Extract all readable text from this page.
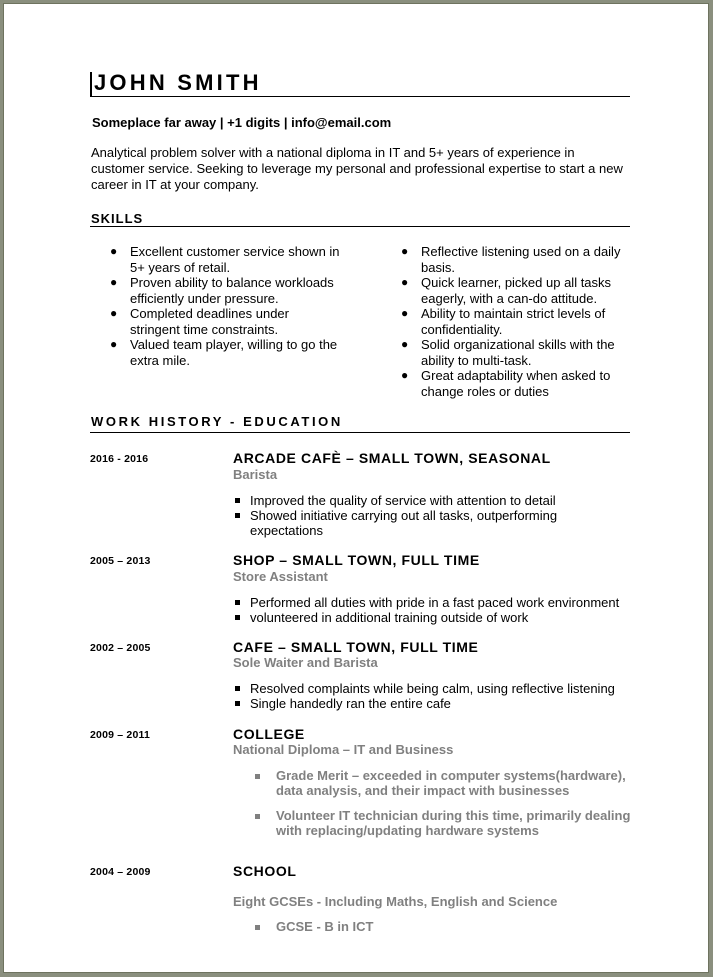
JOHN SMITH
Someplace far away | +1 digits | info@email.com
Analytical problem solver with a national diploma in IT and 5+ years of experience in customer service. Seeking to leverage my personal and professional expertise to start a new career in IT at your company.
SKILLS
● Excellent customer service shown in 5+ years of retail.
● Proven ability to balance workloads efficiently under pressure.
● Completed deadlines under stringent time constraints.
● Valued team player, willing to go the extra mile.
● Reflective listening used on a daily basis.
● Quick learner, picked up all tasks eagerly, with a can-do attitude.
● Ability to maintain strict levels of confidentiality.
● Solid organizational skills with the ability to multi-task.
● Great adaptability when asked to change roles or duties
WORK HISTORY - EDUCATION
2016 - 2016	ARCADE CAFÈ – SMALL TOWN, SEASONAL
Barista
Improved the quality of service with attention to detail
Showed initiative carrying out all tasks, outperforming expectations
2005 – 2013	SHOP – SMALL TOWN, FULL TIME
Store Assistant
Performed all duties with pride in a fast paced work environment
volunteered in additional training outside of work
2002 – 2005	CAFE – SMALL TOWN, FULL TIME
Sole Waiter and Barista
Resolved complaints while being calm, using reflective listening
Single handedly ran the entire cafe
2009 – 2011	COLLEGE
National Diploma – IT and Business
Grade Merit – exceeded in computer systems(hardware), data analysis, and their impact with businesses
Volunteer IT technician during this time, primarily dealing with replacing/updating hardware systems
2004 – 2009	SCHOOL
Eight GCSEs - Including Maths, English and Science
GCSE - B in ICT
